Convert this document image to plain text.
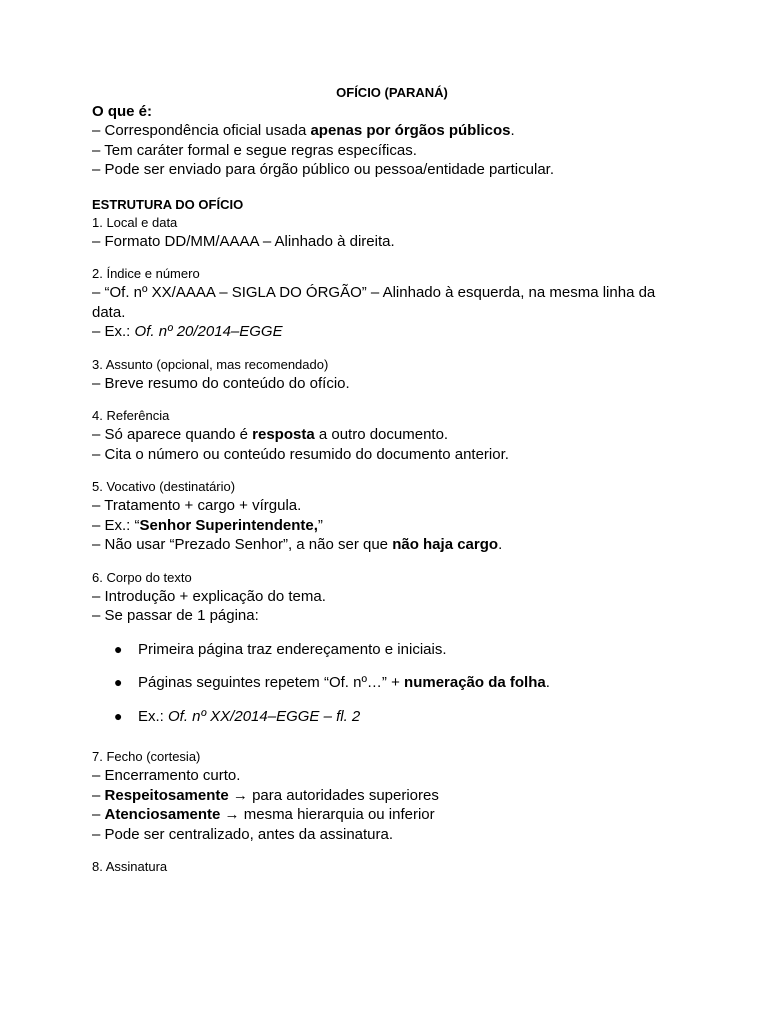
OFÍCIO (PARANÁ)

O que é:

– Correspondência oficial usada apenas por órgãos públicos.

– Tem caráter formal e segue regras específicas.

– Pode ser enviado para órgão público ou pessoa/entidade particular.

ESTRUTURA DO OFÍCIO

1. Local e data

– Formato DD/MM/AAAA – Alinhado à direita.

2. Índice e número

– “Of. nº XX/AAAA – SIGLA DO ÓRGÃO” – Alinhado à esquerda, na mesma linha da data.

– Ex.: Of. nº 20/2014–EGGE

3. Assunto (opcional, mas recomendado)

– Breve resumo do conteúdo do ofício.

4. Referência

– Só aparece quando é resposta a outro documento.

– Cita o número ou conteúdo resumido do documento anterior.

5. Vocativo (destinatário)

– Tratamento + cargo + vírgula.

– Ex.: “Senhor Superintendente,”

– Não usar “Prezado Senhor”, a não ser que não haja cargo.

6. Corpo do texto

– Introdução + explicação do tema.

– Se passar de 1 página:

● Primeira página traz endereçamento e iniciais.
● Páginas seguintes repetem “Of. nº…” + numeração da folha.
● Ex.: Of. nº XX/2014–EGGE – fl. 2

7. Fecho (cortesia)

– Encerramento curto.

– Respeitosamente → para autoridades superiores

– Atenciosamente → mesma hierarquia ou inferior

– Pode ser centralizado, antes da assinatura.

8. Assinatura
